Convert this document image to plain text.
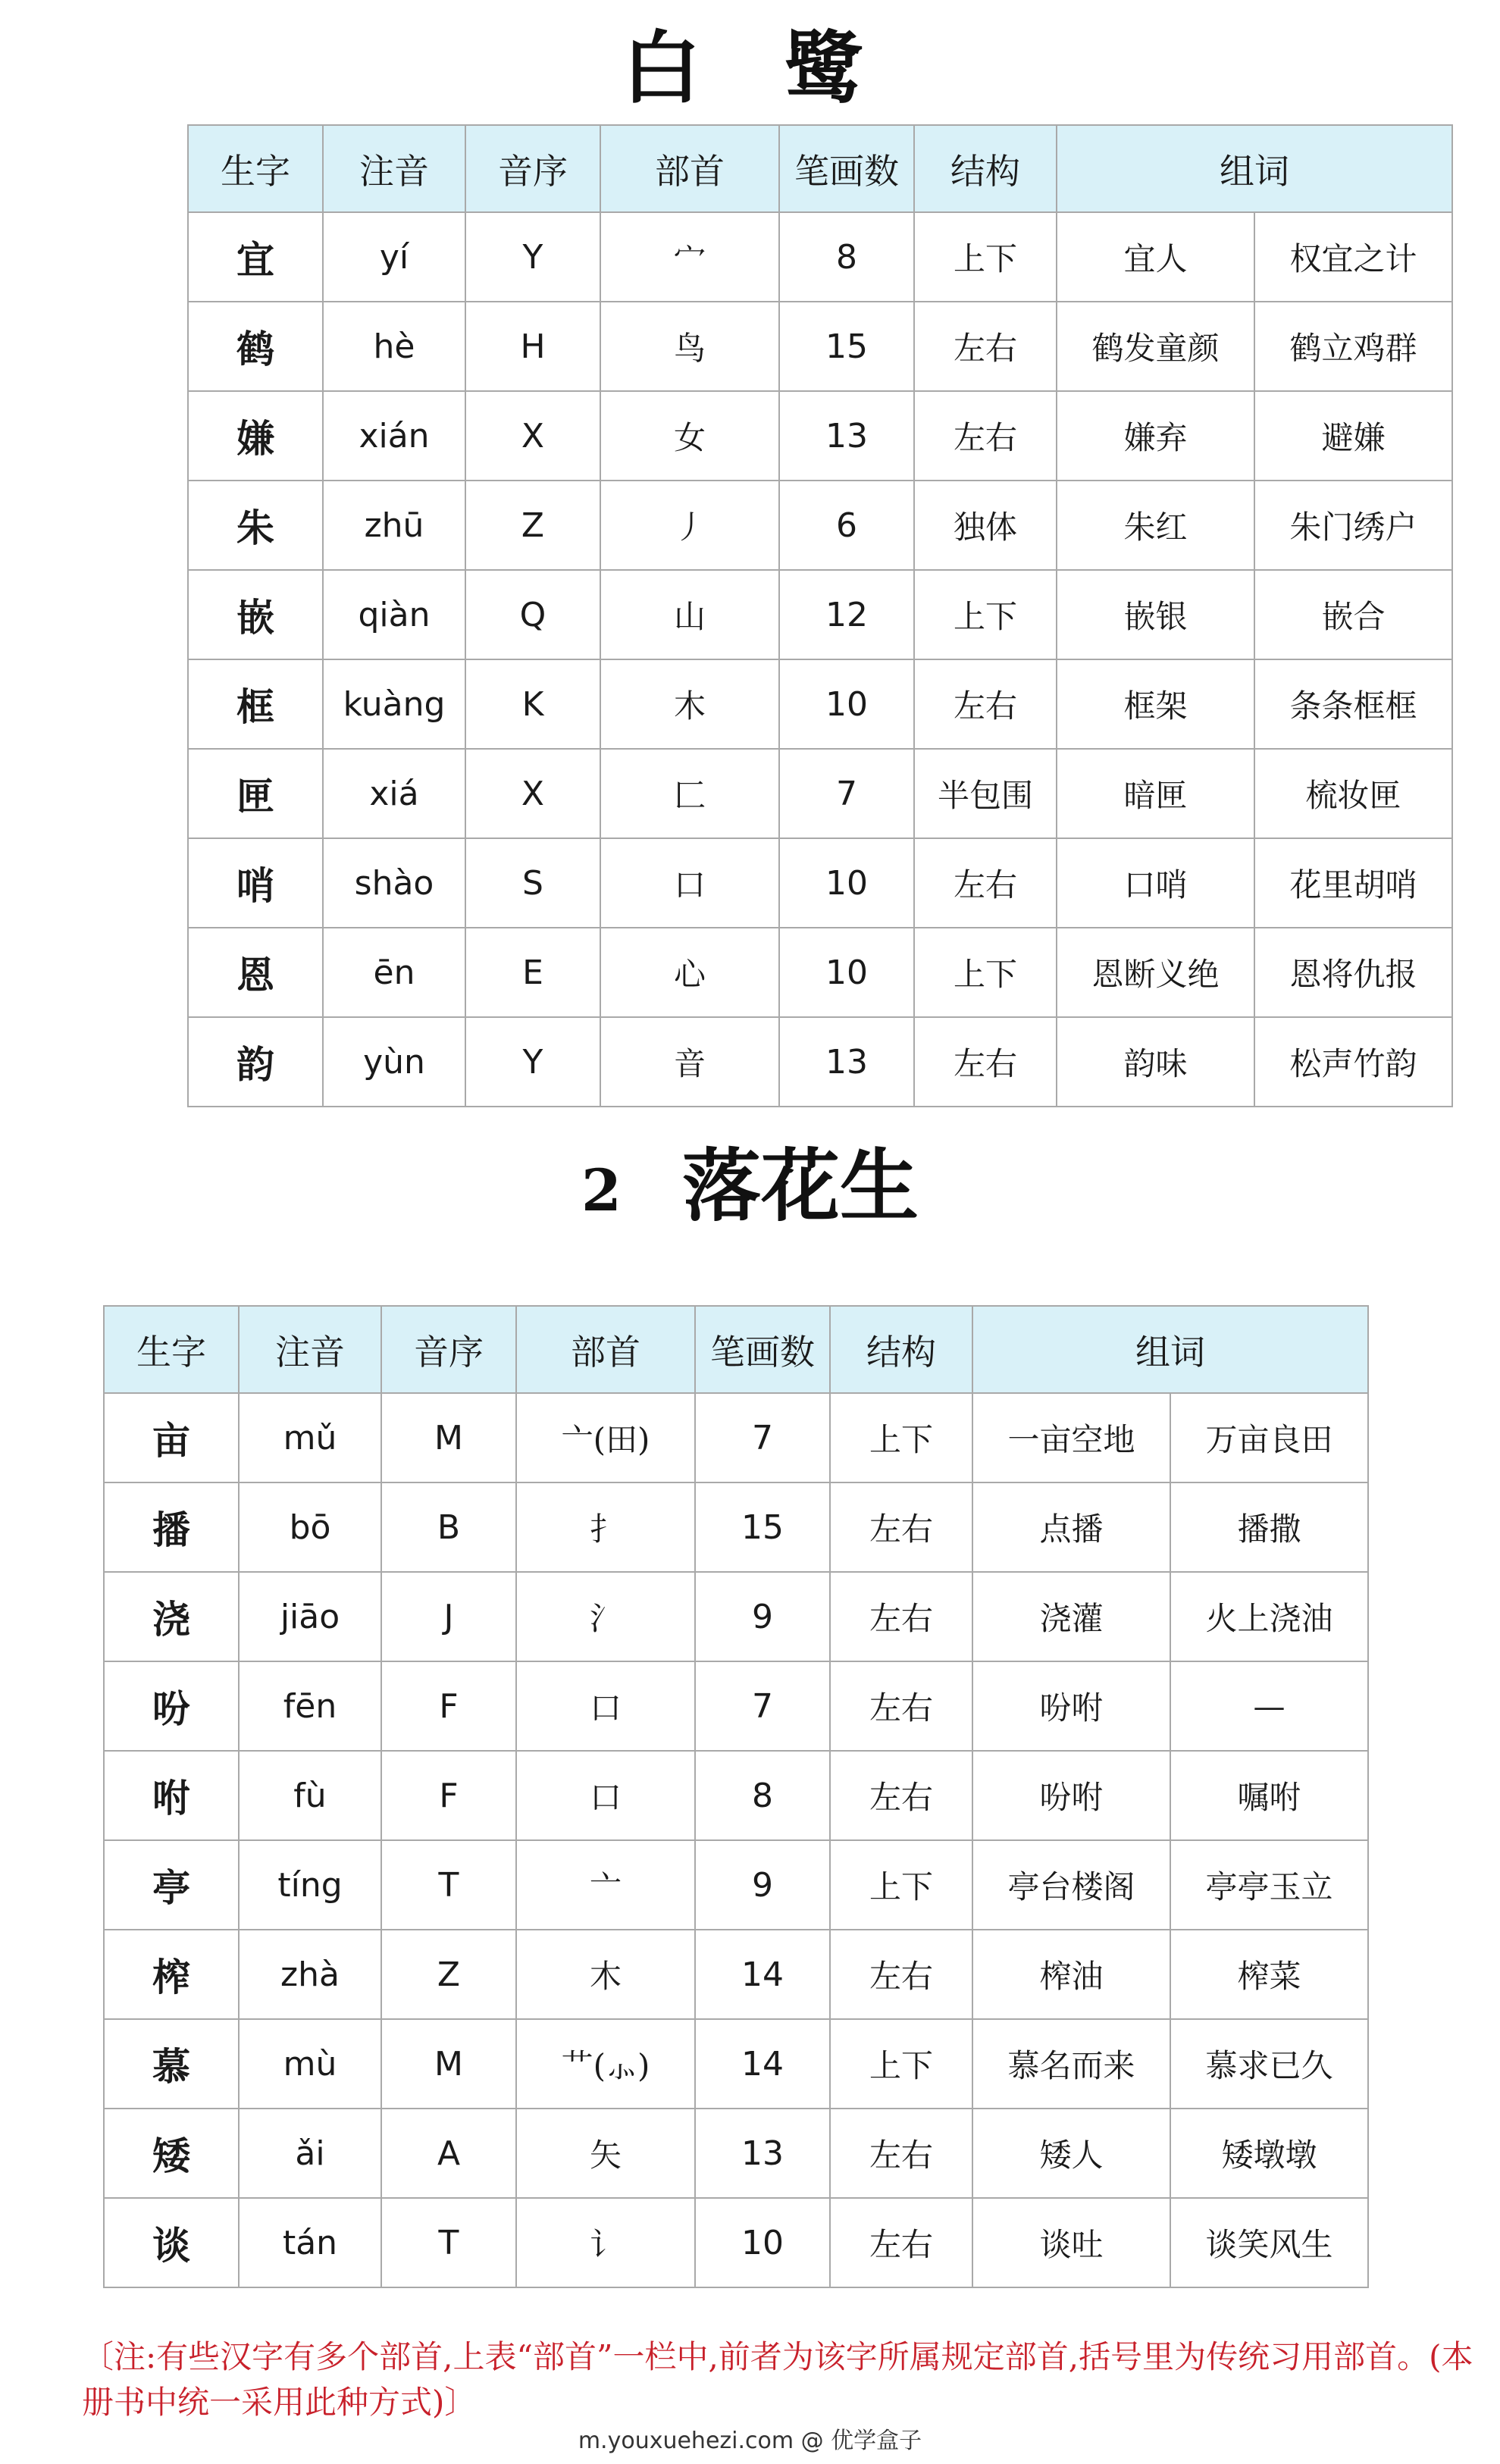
白鹭
生字	注音	音序	部首	笔画数	结构	组词	
宜	yí	Y	宀	8	上下	宜人	权宜之计
鹤	hè	H	鸟	15	左右	鹤发童颜	鹤立鸡群
嫌	xián	X	女	13	左右	嫌弃	避嫌
朱	zhū	Z	丿	6	独体	朱红	朱门绣户
嵌	qiàn	Q	山	12	上下	嵌银	嵌合
框	kuàng	K	木	10	左右	框架	条条框框
匣	xiá	X	匚	7	半包围	暗匣	梳妆匣
哨	shào	S	口	10	左右	口哨	花里胡哨
恩	ēn	E	心	10	上下	恩断义绝	恩将仇报
韵	yùn	Y	音	13	左右	韵味	松声竹韵
2 落花生
生字	注音	音序	部首	笔画数	结构	组词	
亩	mǔ	M	亠(田)	7	上下	一亩空地	万亩良田
播	bō	B	扌	15	左右	点播	播撒
浇	jiāo	J	氵	9	左右	浇灌	火上浇油
吩	fēn	F	口	7	左右	吩咐	—
咐	fù	F	口	8	左右	吩咐	嘱咐
亭	tíng	T	亠	9	上下	亭台楼阁	亭亭玉立
榨	zhà	Z	木	14	左右	榨油	榨菜
慕	mù	M	艹(⺗)	14	上下	慕名而来	慕求已久
矮	ǎi	A	矢	13	左右	矮人	矮墩墩
谈	tán	T	讠	10	左右	谈吐	谈笑风生
〔注:有些汉字有多个部首,上表“部首”一栏中,前者为该字所属规定部首,括号里为传统习用部首。(本册书中统一采用此种方式)〕
m.youxuehezi.com @ 优学盒子
